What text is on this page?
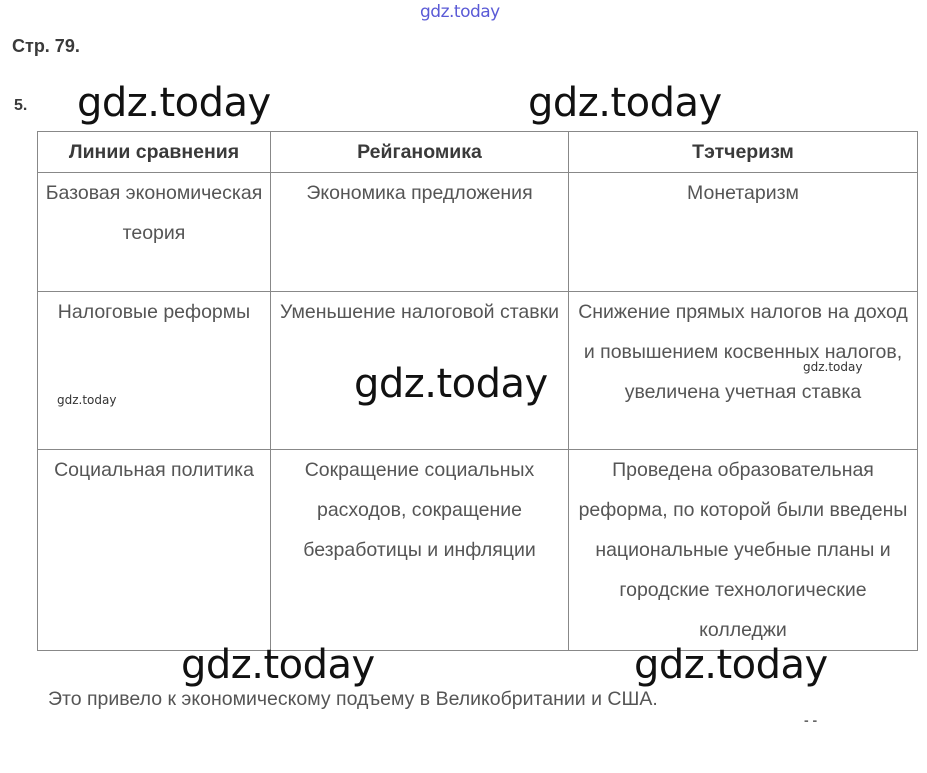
gdz.today
Стр. 79.
5.
Линии сравнения	Рейганомика	Тэтчеризм
Базовая экономическая теория	Экономика предложения	Монетаризм
Налоговые реформы	Уменьшение налоговой ставки	Снижение прямых налогов на доход и повышением косвенных налогов, увеличена учетная ставка
Социальная политика	Сокращение социальных расходов, сокращение безработицы и инфляции	Проведена образовательная реформа, по которой были введены национальные учебные планы и городские технологические колледжи
gdz.today	gdz.today
gdz.today
gdz.today	gdz.today
gdz.today
gdz.today
Это привело к экономическому подъему в Великобритании и США.
- -
